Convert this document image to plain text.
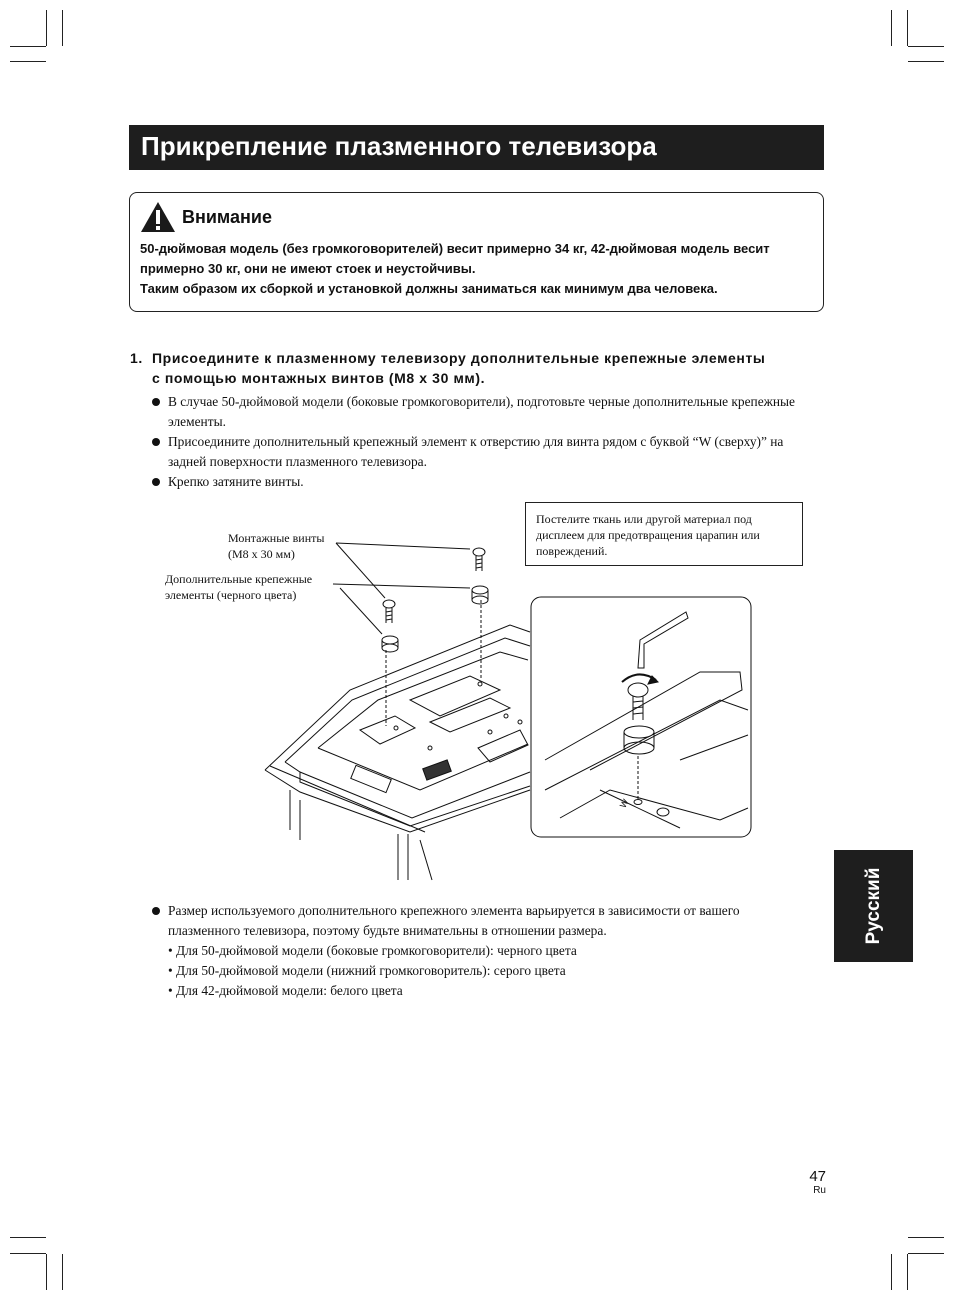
Прикрепление плазменного телевизора
Внимание

50-дюймовая модель (без громкоговорителей) весит примерно 34 кг, 42-дюймовая модель весит примерно 30 кг, они не имеют стоек и неустойчивы.

Таким образом их сборкой и установкой должны заниматься как минимум два человека.

1. Присоедините к плазменному телевизору дополнительные крепежные элементы с помощью монтажных винтов (M8 x 30 мм).
В случае 50-дюймовой модели (боковые громкоговорители), подготовьте черные дополнительные крепежные элементы.
Присоедините дополнительный крепежный элемент к отверстию для винта рядом с буквой “W (сверху)” на задней поверхности плазменного телевизора.
Крепко затяните винты.
W
Монтажные винты
(M8 x 30 мм)
Дополнительные крепежные
элементы (черного цвета)
Постелите ткань или другой материал под дисплеем для предотвращения царапин или повреждений.
Размер используемого дополнительного крепежного элемента варьируется в зависимости от вашего плазменного телевизора, поэтому будьте внимательны в отношении размера.
• Для 50-дюймовой модели (боковые громкоговорители): черного цвета
• Для 50-дюймовой модели (нижний громкоговоритель): серого цвета
• Для 42-дюймовой модели: белого цвета
Русский
47
Ru
